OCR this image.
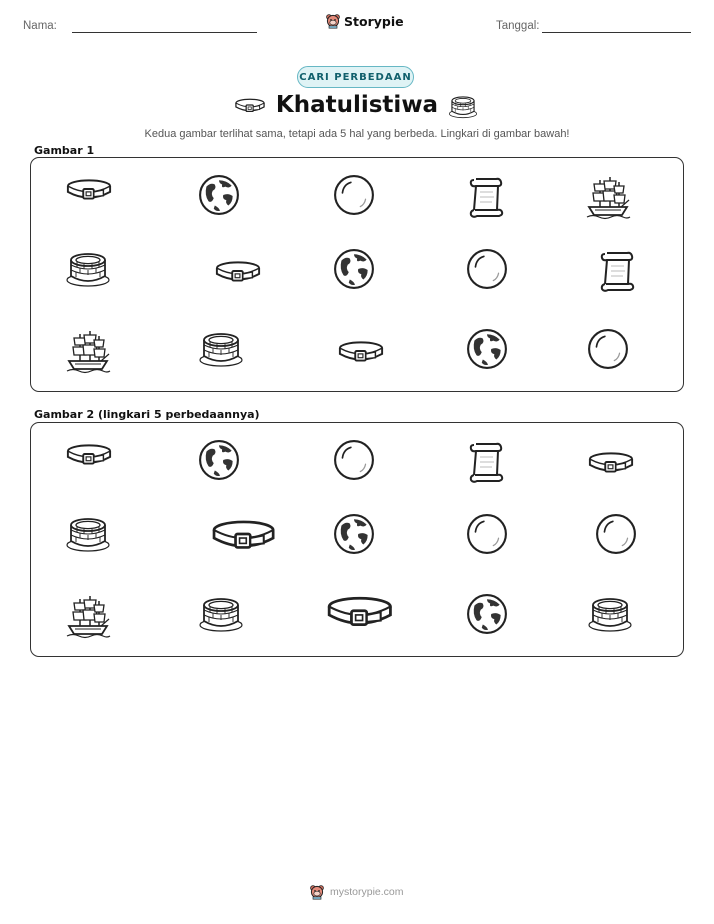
Nama:	Storypie	Tanggal:
CARI PERBEDAAN
Khatulistiwa
Kedua gambar terlihat sama, tetapi ada 5 hal yang berbeda. Lingkari di gambar bawah!
Gambar 1
Gambar 2 (lingkari 5 perbedaannya)
mystorypie.com
